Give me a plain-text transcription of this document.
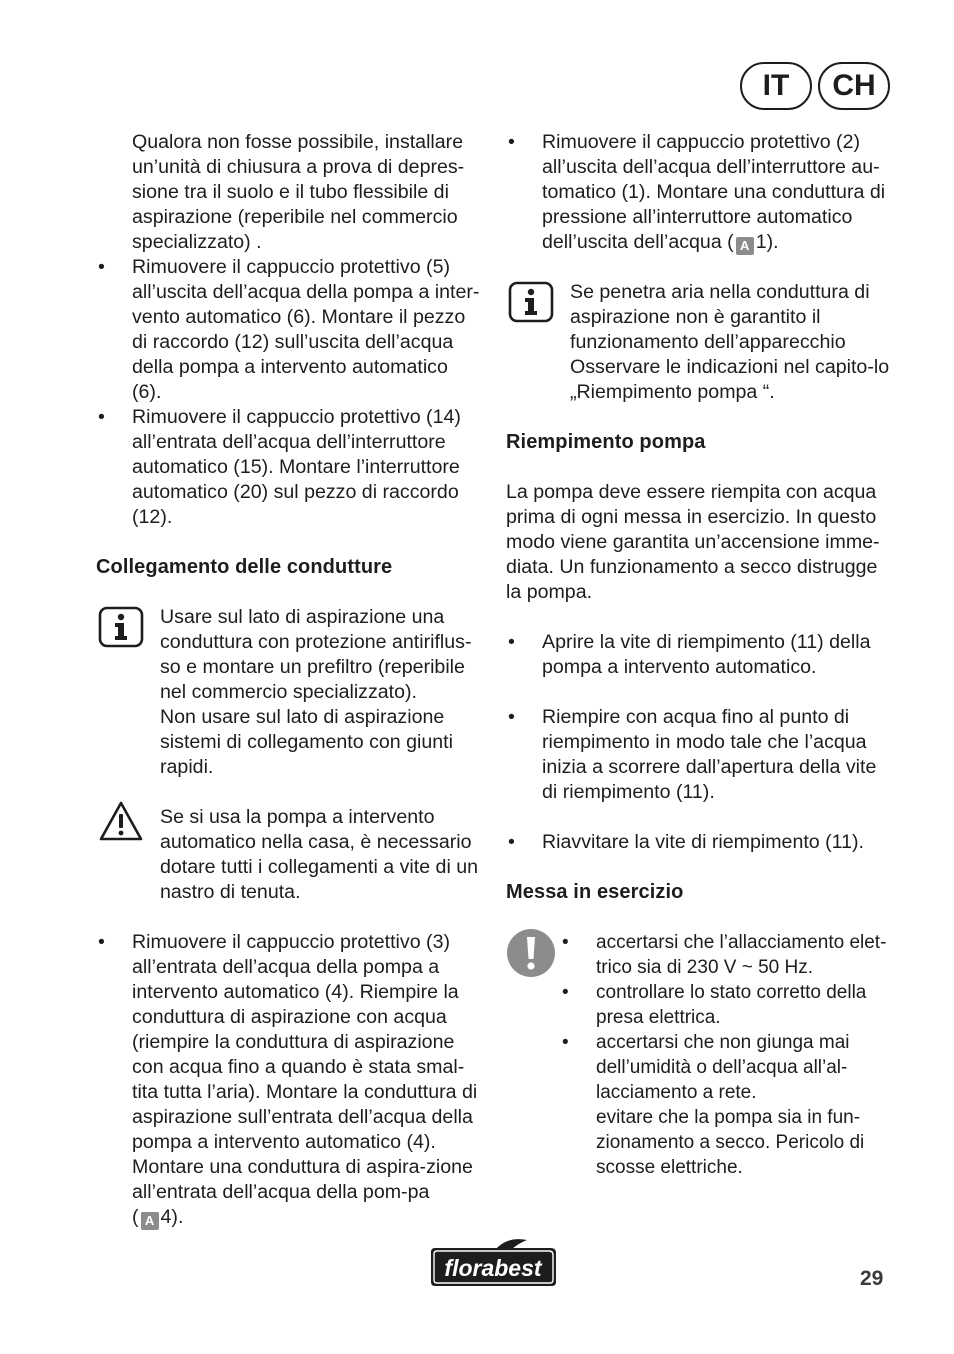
IT	CH

Qualora non fosse possibile, installare un’unità di chiusura a prova di depres-sione tra il suolo e il tubo flessibile di aspirazione (reperibile nel commercio specializzato) .

• Rimuovere il cappuccio protettivo (5) all’uscita dell’acqua della pompa a inter-vento automatico (6). Montare il pezzo di raccordo (12) sull’uscita dell’acqua della pompa a intervento automatico (6).

• Rimuovere il cappuccio protettivo (14) all’entrata dell’acqua dell’interruttore automatico (15). Montare l’interruttore automatico (20) sul pezzo di raccordo (12).

Collegamento delle condutture

Usare sul lato di aspirazione una conduttura con protezione antiriflus-so e montare un prefiltro (reperibile nel commercio specializzato).

Non usare sul lato di aspirazione sistemi di collegamento con giunti rapidi.

Se si usa la pompa a intervento automatico nella casa, è necessario dotare tutti i collegamenti a vite di un nastro di tenuta.

• Rimuovere il cappuccio protettivo (3) all’entrata dell’acqua della pompa a intervento automatico (4). Riempire la conduttura di aspirazione con acqua (riempire la conduttura di aspirazione con acqua fino a quando è stata smal-tita tutta l’aria). Montare la conduttura di aspirazione sull’entrata dell’acqua della pompa a intervento automatico (4). Montare una conduttura di aspira-zione all’entrata dell’acqua della pom-pa
( A 4).

• Rimuovere il cappuccio protettivo (2) all’uscita dell’acqua dell’interruttore au-tomatico (1). Montare una conduttura di pressione all’interruttore automatico dell’uscita dell’acqua ( A 1).

Se penetra aria nella conduttura di aspirazione non è garantito il funzionamento dell’apparecchio Osservare le indicazioni nel capito-lo „Riempimento pompa “.

Riempimento pompa

La pompa deve essere riempita con acqua prima di ogni messa in esercizio. In questo modo viene garantita un’accensione imme-diata. Un funzionamento a secco distrugge la pompa.

• Aprire la vite di riempimento (11) della pompa a intervento automatico.

• Riempire con acqua fino al punto di riempimento in modo tale che l’acqua inizia a scorrere dall’apertura della vite di riempimento (11).

• Riavvitare la vite di riempimento (11).

Messa in esercizio

• accertarsi che l’allacciamento elet-trico sia di 230 V ~ 50 Hz.

• controllare lo stato corretto della presa elettrica.

• accertarsi che non giunga mai dell’umidità o dell’acqua all’al-lacciamento a rete.

evitare che la pompa sia in fun-zionamento a secco. Pericolo di scosse elettriche.

florabest	29
